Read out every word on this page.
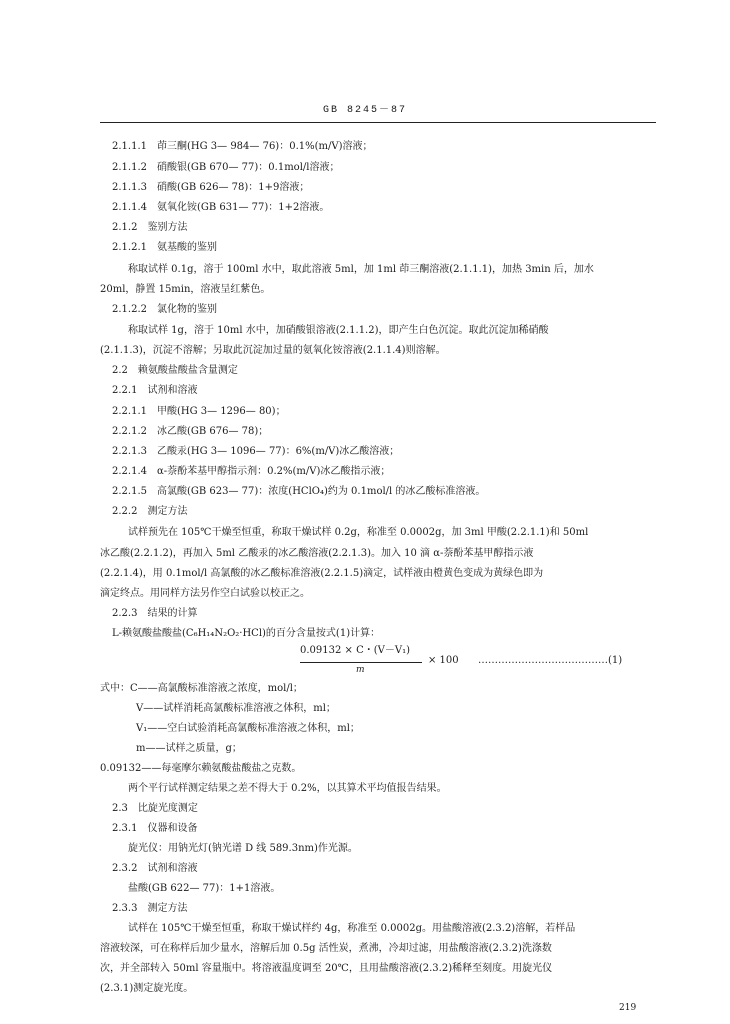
GB 8245－87
2.1.1.1　茚三酮(HG 3— 984— 76)：0.1%(m/V)溶液；
2.1.1.2　硝酸银(GB 670— 77)：0.1mol/l溶液；
2.1.1.3　硝酸(GB 626— 78)：1+9溶液；
2.1.1.4　氨氧化铵(GB 631— 77)：1+2溶液。
2.1.2　鉴别方法
2.1.2.1　氨基酸的鉴别
称取试样 0.1g，溶于 100ml 水中，取此溶液 5ml，加 1ml 茚三酮溶液(2.1.1.1)，加热 3min 后，加水
20ml，静置 15min，溶液呈红紫色。
2.1.2.2　氯化物的鉴别
称取试样 1g，溶于 10ml 水中，加硝酸银溶液(2.1.1.2)，即产生白色沉淀。取此沉淀加稀硝酸
(2.1.1.3)，沉淀不溶解；另取此沉淀加过量的氨氧化铵溶液(2.1.1.4)则溶解。
2.2　赖氨酸盐酸盐含量测定
2.2.1　试剂和溶液
2.2.1.1　甲酸(HG 3— 1296— 80)；
2.2.1.2　冰乙酸(GB 676— 78)；
2.2.1.3　乙酸汞(HG 3— 1096— 77)：6%(m/V)冰乙酸溶液；
2.2.1.4　α-萘酚苯基甲醇指示剂：0.2%(m/V)冰乙酸指示液；
2.2.1.5　高氯酸(GB 623— 77)：浓度(HClO₄)约为 0.1mol/l 的冰乙酸标准溶液。
2.2.2　测定方法
试样预先在 105℃干燥至恒重，称取干燥试样 0.2g，称准至 0.0002g，加 3ml 甲酸(2.2.1.1)和 50ml
冰乙酸(2.2.1.2)，再加入 5ml 乙酸汞的冰乙酸溶液(2.2.1.3)。加入 10 滴 α-萘酚苯基甲醇指示液
(2.2.1.4)，用 0.1mol/l 高氯酸的冰乙酸标准溶液(2.2.1.5)滴定，试样液由橙黄色变成为黄绿色即为
滴定终点。用同样方法另作空白试验以校正之。
2.2.3　结果的计算
L-赖氨酸盐酸盐(C₆H₁₄N₂O₂·HCl)的百分含量按式(1)计算：
0.09132 × C・(V－V₁)
m
× 100 …………………………………(1)
式中：C——高氯酸标准溶液之浓度，mol/l；
V——试样消耗高氯酸标准溶液之体积，ml；
V₁——空白试验消耗高氯酸标准溶液之体积，ml；
m——试样之质量，g；
0.09132——每毫摩尔赖氨酸盐酸盐之克数。
两个平行试样测定结果之差不得大于 0.2%，以其算术平均值报告结果。
2.3　比旋光度测定
2.3.1　仪器和设备
旋光仪：用钠光灯(钠光谱 D 线 589.3nm)作光源。
2.3.2　试剂和溶液
盐酸(GB 622— 77)：1+1溶液。
2.3.3　测定方法
试样在 105℃干燥至恒重，称取干燥试样约 4g，称准至 0.0002g。用盐酸溶液(2.3.2)溶解，若样品
溶液较深，可在称样后加少量水，溶解后加 0.5g 活性炭，煮沸，冷却过滤，用盐酸溶液(2.3.2)洗涤数
次，并全部转入 50ml 容量瓶中。将溶液温度调至 20℃，且用盐酸溶液(2.3.2)稀释至刻度。用旋光仪
(2.3.1)测定旋光度。
219
